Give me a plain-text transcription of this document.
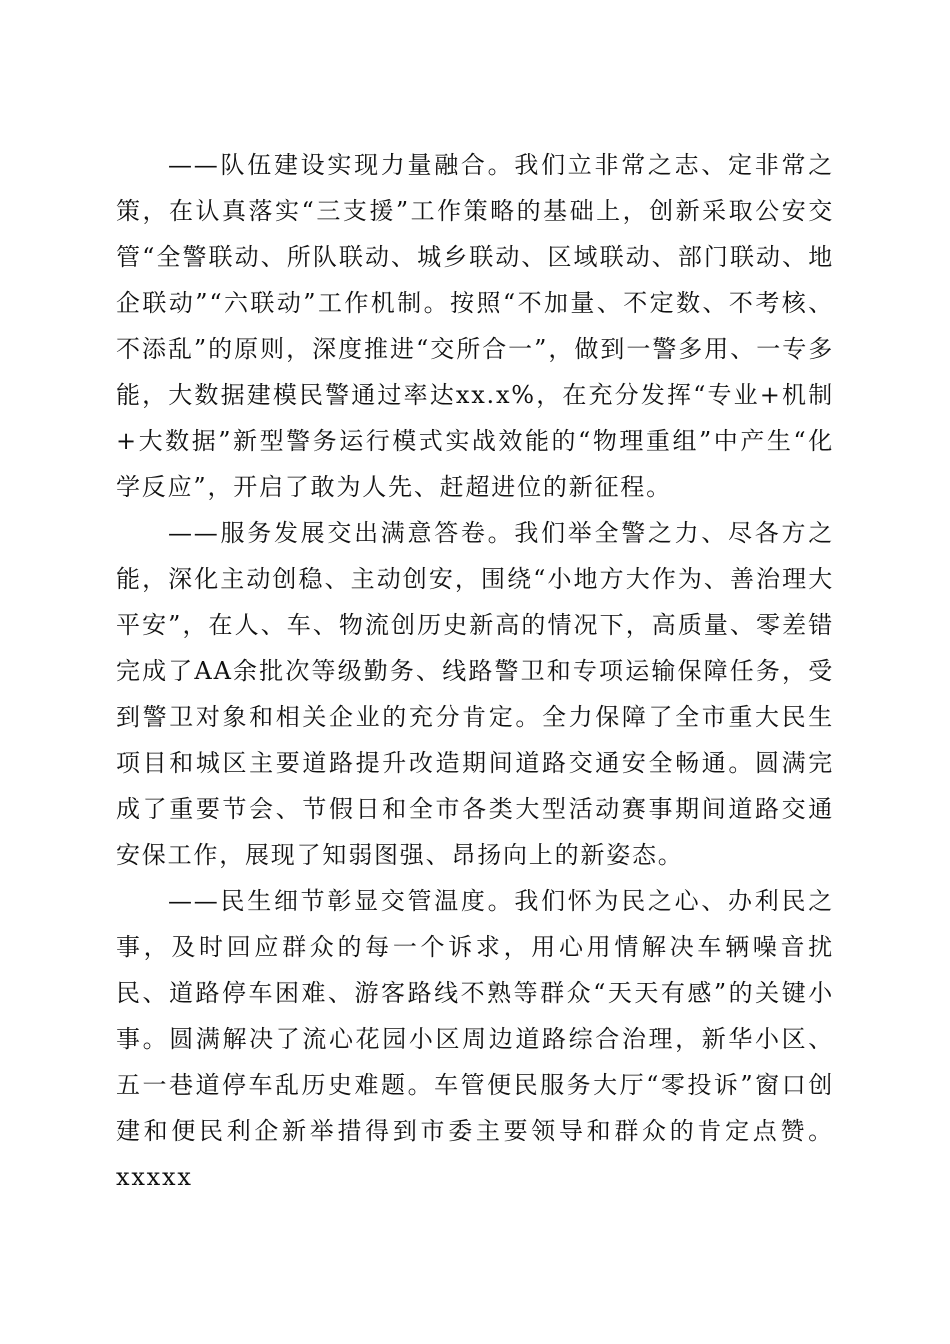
——队伍建设实现力量融合。我们立非常之志、定非常之策，在认真落实“三支援”工作策略的基础上，创新采取公安交管“全警联动、所队联动、城乡联动、区域联动、部门联动、地企联动”“六联动”工作机制。按照“不加量、不定数、不考核、不添乱”的原则，深度推进“交所合一”，做到一警多用、一专多能，大数据建模民警通过率达xx.x%，在充分发挥“专业+机制+大数据”新型警务运行模式实战效能的“物理重组”中产生“化学反应”，开启了敢为人先、赶超进位的新征程。

——服务发展交出满意答卷。我们举全警之力、尽各方之能，深化主动创稳、主动创安，围绕“小地方大作为、善治理大平安”，在人、车、物流创历史新高的情况下，高质量、零差错完成了AA余批次等级勤务、线路警卫和专项运输保障任务，受到警卫对象和相关企业的充分肯定。全力保障了全市重大民生项目和城区主要道路提升改造期间道路交通安全畅通。圆满完成了重要节会、节假日和全市各类大型活动赛事期间道路交通安保工作，展现了知弱图强、昂扬向上的新姿态。

——民生细节彰显交管温度。我们怀为民之心、办利民之事，及时回应群众的每一个诉求，用心用情解决车辆噪音扰民、道路停车困难、游客路线不熟等群众“天天有感”的关键小事。圆满解决了流心花园小区周边道路综合治理，新华小区、五一巷道停车乱历史难题。车管便民服务大厅“零投诉”窗口创建和便民利企新举措得到市委主要领导和群众的肯定点赞。xxxxx
